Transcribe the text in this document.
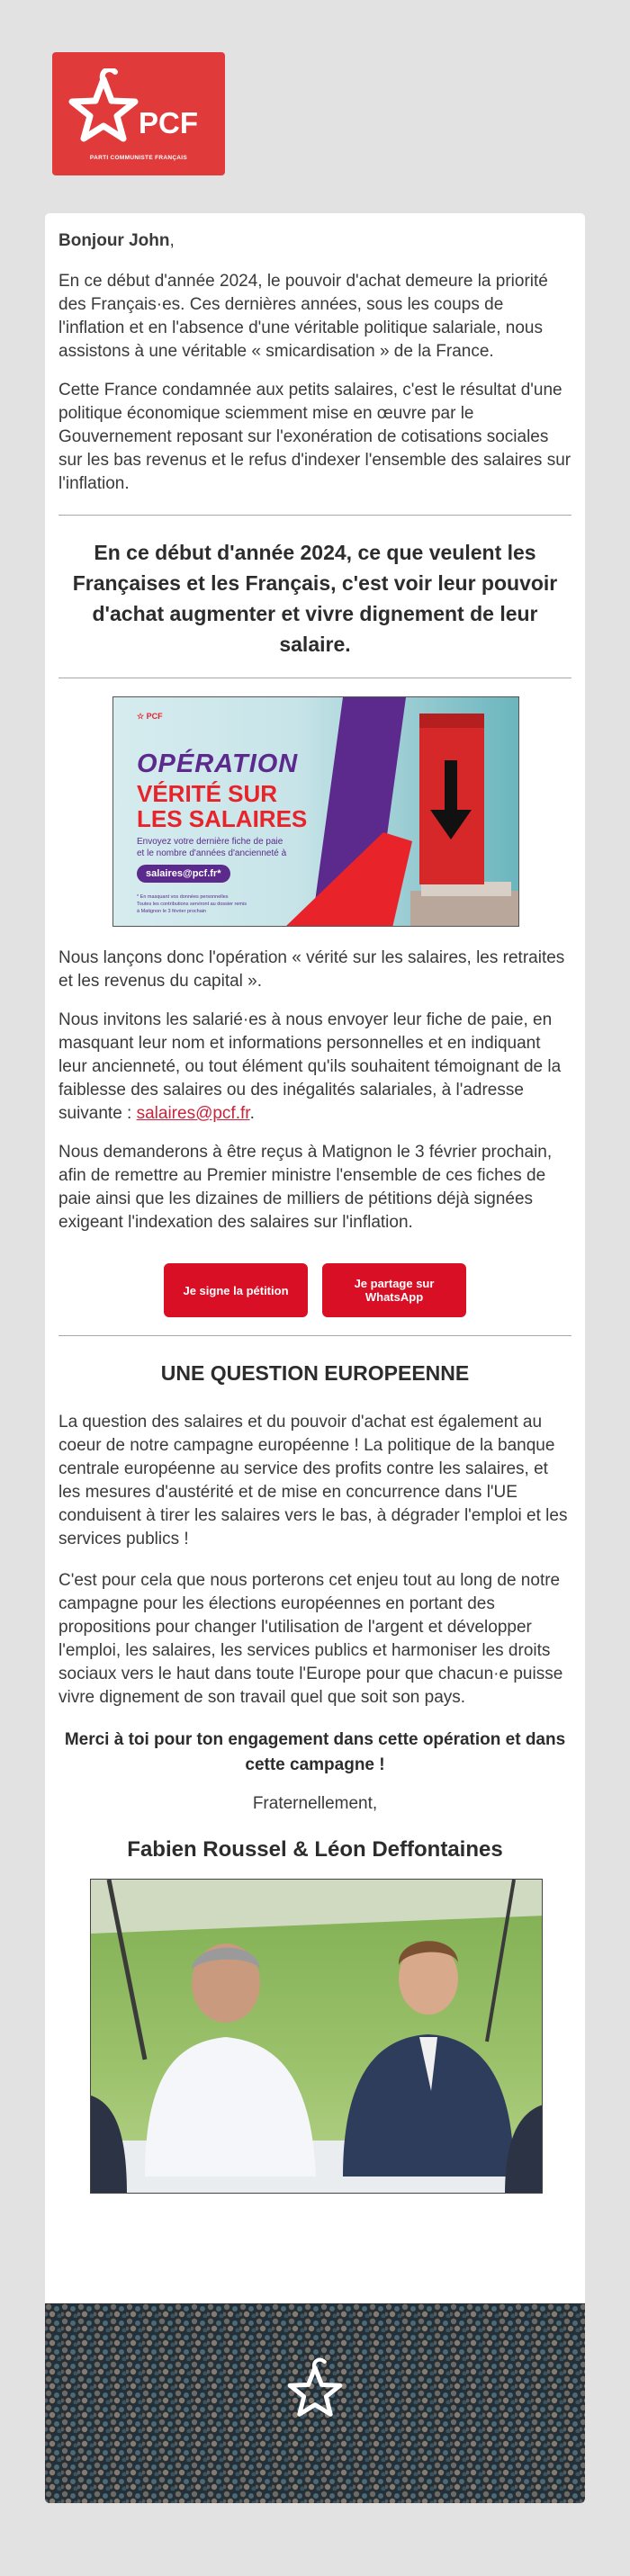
PCF
PARTI COMMUNISTE FRANÇAIS

Bonjour John,

En ce début d'année 2024, le pouvoir d'achat demeure la priorité des Français·es. Ces dernières années, sous les coups de l'inflation et en l'absence d'une véritable politique salariale, nous assistons à une véritable « smicardisation » de la France.

Cette France condamnée aux petits salaires, c'est le résultat d'une politique économique sciemment mise en œuvre par le Gouvernement reposant sur l'exonération de cotisations sociales sur les bas revenus et le refus d'indexer l'ensemble des salaires sur l'inflation.

En ce début d'année 2024, ce que veulent les Françaises et les Français, c'est voir leur pouvoir d'achat augmenter et vivre dignement de leur salaire.
☆ PCF
OPÉRATION
VÉRITÉ SUR
LES SALAIRES
Envoyez votre dernière fiche de paie
et le nombre d'années d'ancienneté à
salaires@pcf.fr*
* En masquant vos données personnelles
Toutes les contributions serviront au dossier remis
à Matignon le 3 février prochain

Nous lançons donc l'opération « vérité sur les salaires, les retraites et les revenus du capital ».

Nous invitons les salarié·es à nous envoyer leur fiche de paie, en masquant leur nom et informations personnelles et en indiquant leur ancienneté, ou tout élément qu'ils souhaitent témoignant de la faiblesse des salaires ou des inégalités salariales, à l'adresse suivante : salaires@pcf.fr.

Nous demanderons à être reçus à Matignon le 3 février prochain, afin de remettre au Premier ministre l'ensemble de ces fiches de paie ainsi que les dizaines de milliers de pétitions déjà signées exigeant l'indexation des salaires sur l'inflation.

Je signe la pétition	Je partage sur WhatsApp
UNE QUESTION EUROPEENNE

La question des salaires et du pouvoir d'achat est également au coeur de notre campagne européenne ! La politique de la banque centrale européenne au service des profits contre les salaires, et les mesures d'austérité et de mise en concurrence dans l'UE conduisent à tirer les salaires vers le bas, à dégrader l'emploi et les services publics !

C'est pour cela que nous porterons cet enjeu tout au long de notre campagne pour les élections européennes en portant des propositions pour changer l'utilisation de l'argent et développer l'emploi, les salaires, les services publics et harmoniser les droits sociaux vers le haut dans toute l'Europe pour que chacun·e puisse vivre dignement de son travail quel que soit son pays.

Merci à toi pour ton engagement dans cette opération et dans cette campagne !
Fraternellement,
Fabien Roussel & Léon Deffontaines
